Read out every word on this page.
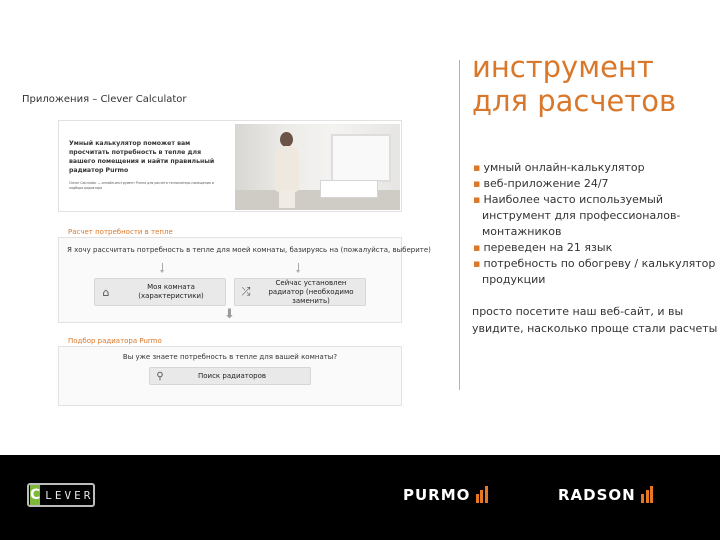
Приложения – Clever Calculator
инструмент
для расчетов
▪ умный онлайн-калькулятор
▪ веб-приложение 24/7
▪ Наиболее часто используемый
инструмент для профессионалов-
монтажников
▪ переведен на 21 язык
▪ потребность по обогреву / калькулятор
продукции
просто посетите наш веб-сайт, и вы
увидите, насколько проще стали расчеты
Умный калькулятор поможет вам просчитать потребность в тепле для вашего помещения и найти правильный радиатор Purmo
Clever Calculator — онлайн-инструмент Purmo для расчёта теплопотерь помещения и подбора радиатора
Расчет потребности в тепле
Я хочу рассчитать потребность в тепле для моей комнаты, базируясь на (пожалуйста, выберите)
⌂	Моя комната (характеристики)	⤮
Сейчас установлен радиатор (необходимо заменить)
⬇
Подбор радиатора Purmo
Вы уже знаете потребность в тепле для вашей комнаты?
⚲	Поиск радиаторов
C LEVER	PURMO	RADSON
